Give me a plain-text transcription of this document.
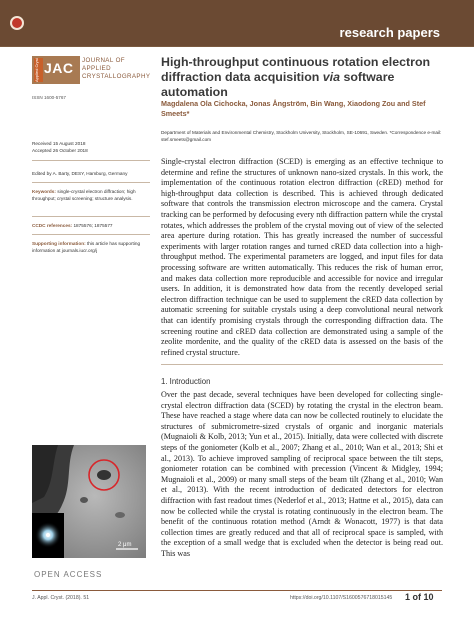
research papers
Applied Cryst JAC JOURNAL OF
APPLIED
CRYSTALLOGRAPHY
ISSN 1600-5767
High-throughput continuous rotation electron diffraction data acquisition via software automation
Magdalena Ola Cichocka, Jonas Ångström, Bin Wang, Xiaodong Zou and Stef Smeets*
Department of Materials and Environmental Chemistry, Stockholm University, Stockholm, SE-10691, Sweden. *Correspondence e-mail: stef.smeets@gmail.com
Received 15 August 2018
Accepted 26 October 2018
Edited by A. Barty, DESY, Hamburg, Germany
Keywords: single-crystal electron diffraction; high throughput; crystal screening; structure analysis.
CCDC references: 1875576; 1875577
Supporting information: this article has supporting information at journals.iucr.org/j
Single-crystal electron diffraction (SCED) is emerging as an effective technique to determine and refine the structures of unknown nano-sized crystals. In this work, the implementation of the continuous rotation electron diffraction (cRED) method for high-throughput data collection is described. This is achieved through dedicated software that controls the transmission electron microscope and the camera. Crystal tracking can be performed by defocusing every nth diffraction pattern while the crystal rotates, which addresses the problem of the crystal moving out of view of the selected area aperture during rotation. This has greatly increased the number of successful experiments with larger rotation ranges and turned cRED data collection into a high-throughput method. The experimental parameters are logged, and input files for data processing software are written automatically. This reduces the risk of human error, and makes data collection more reproducible and accessible for novice and irregular users. In addition, it is demonstrated how data from the recently developed serial electron diffraction technique can be used to supplement the cRED data collection by automatic screening for suitable crystals using a deep convolutional neural network that can identify promising crystals through the corresponding diffraction data. The screening routine and cRED data collection are demonstrated using a sample of the zeolite mordenite, and the quality of the cRED data is assessed on the basis of the refined crystal structure.
1. Introduction
Over the past decade, several techniques have been developed for collecting single-crystal electron diffraction data (SCED) by rotating the crystal in the electron beam. These have reached a stage where data can now be collected routinely to elucidate the structures of submicrometre-sized crystals of organic and inorganic materials (Mugnaioli & Kolb, 2013; Yun et al., 2015). Initially, data were collected with discrete steps of the goniometer (Kolb et al., 2007; Zhang et al., 2010; Wan et al., 2013; Shi et al., 2013). To achieve improved sampling of reciprocal space between the tilt steps, goniometer rotation can be combined with precession (Vincent & Midgley, 1994; Mugnaioli et al., 2009) or many small steps of the beam tilt (Zhang et al., 2010; Wan et al., 2013). With the recent introduction of dedicated detectors for electron diffraction with fast readout times (Nederlof et al., 2013; Hattne et al., 2015), data can now be collected while the crystal is rotating continuously in the electron beam. The benefit of the continuous rotation method (Arndt & Wonacott, 1977) is that data collection times are greatly reduced and that all of reciprocal space is sampled, with the exception of a small wedge that is excluded when the detector is being read out. This was
2 μm
OPEN ACCESS
J. Appl. Cryst. (2018). 51	https://doi.org/10.1107/S1600576718015145 1 of 10
